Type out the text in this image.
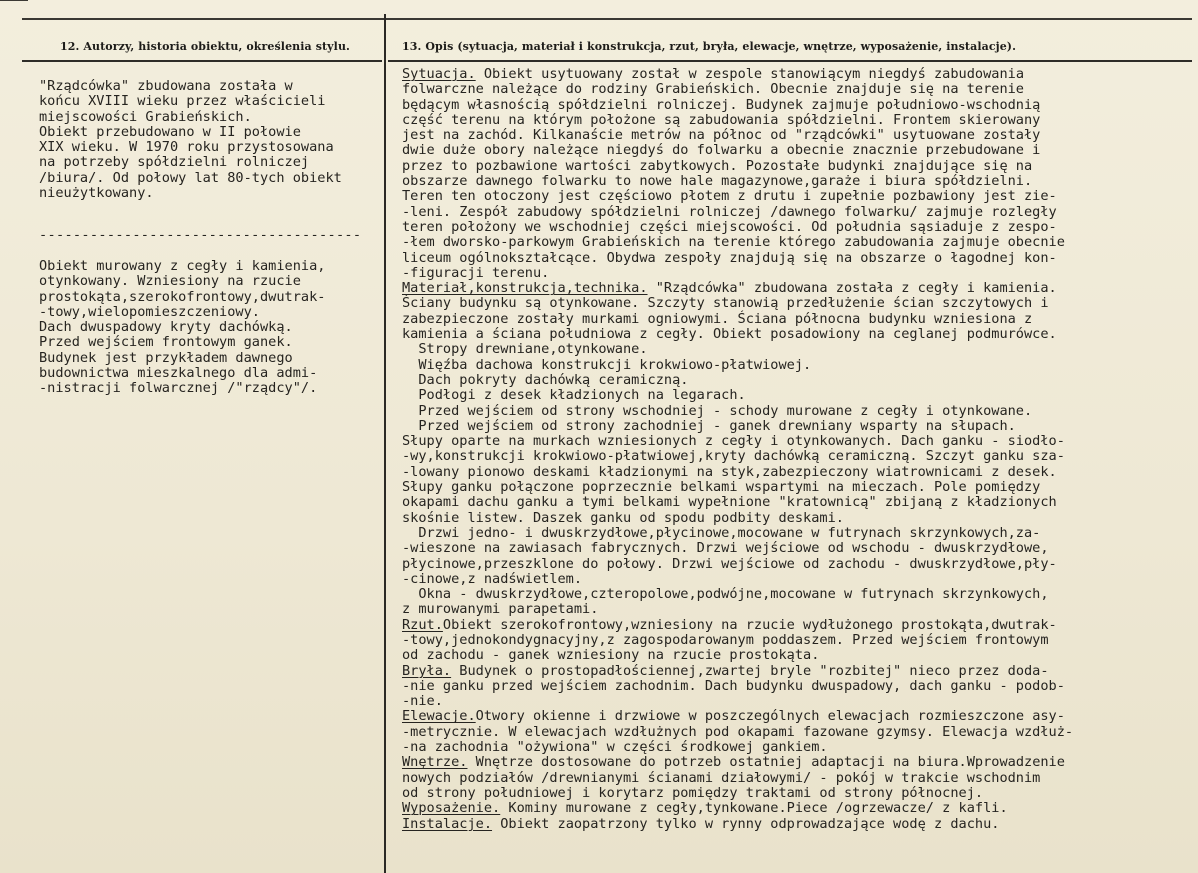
12. Autorzy, historia obiektu, określenia stylu.	13. Opis (sytuacja, materiał i konstrukcja, rzut, bryła, elewacje, wnętrze, wyposażenie, instalacje).
"Rządcówka" zbudowana została w
końcu XVIII wieku przez właścicieli
miejscowości Grabieńskich.
Obiekt przebudowano w II połowie
XIX wieku. W 1970 roku przystosowana
na potrzeby spółdzielni rolniczej
/biura/. Od połowy lat 80-tych obiekt
nieużytkowany.
--------------------------------------
Obiekt murowany z cegły i kamienia,
otynkowany. Wzniesiony na rzucie
prostokąta,szerokofrontowy,dwutrak-
-towy,wielopomieszczeniowy.
Dach dwuspadowy kryty dachówką.
Przed wejściem frontowym ganek.
Budynek jest przykładem dawnego
budownictwa mieszkalnego dla admi-
-nistracji folwarcznej /"rządcy"/.
Sytuacja. Obiekt usytuowany został w zespole stanowiącym niegdyś zabudowania
folwarczne należące do rodziny Grabieńskich. Obecnie znajduje się na terenie
będącym własnością spółdzielni rolniczej. Budynek zajmuje południowo-wschodnią
część terenu na którym położone są zabudowania spółdzielni. Frontem skierowany
jest na zachód. Kilkanaście metrów na północ od "rządcówki" usytuowane zostały
dwie duże obory należące niegdyś do folwarku a obecnie znacznie przebudowane i
przez to pozbawione wartości zabytkowych. Pozostałe budynki znajdujące się na
obszarze dawnego folwarku to nowe hale magazynowe,garaże i biura spółdzielni.
Teren ten otoczony jest częściowo płotem z drutu i zupełnie pozbawiony jest zie-
-leni. Zespół zabudowy spółdzielni rolniczej /dawnego folwarku/ zajmuje rozległy
teren położony we wschodniej części miejscowości. Od południa sąsiaduje z zespo-
-łem dworsko-parkowym Grabieńskich na terenie którego zabudowania zajmuje obecnie
liceum ogólnokształcące. Obydwa zespoły znajdują się na obszarze o łagodnej kon-
-figuracji terenu.
Materiał,konstrukcja,technika. "Rządcówka" zbudowana została z cegły i kamienia.
Ściany budynku są otynkowane. Szczyty stanowią przedłużenie ścian szczytowych i
zabezpieczone zostały murkami ogniowymi. Ściana północna budynku wzniesiona z
kamienia a ściana południowa z cegły. Obiekt posadowiony na ceglanej podmurówce.
Stropy drewniane,otynkowane.
Więźba dachowa konstrukcji krokwiowo-płatwiowej.
Dach pokryty dachówką ceramiczną.
Podłogi z desek kładzionych na legarach.
Przed wejściem od strony wschodniej - schody murowane z cegły i otynkowane.
Przed wejściem od strony zachodniej - ganek drewniany wsparty na słupach.
Słupy oparte na murkach wzniesionych z cegły i otynkowanych. Dach ganku - siodło-
-wy,konstrukcji krokwiowo-płatwiowej,kryty dachówką ceramiczną. Szczyt ganku sza-
-lowany pionowo deskami kładzionymi na styk,zabezpieczony wiatrownicami z desek.
Słupy ganku połączone poprzecznie belkami wspartymi na mieczach. Pole pomiędzy
okapami dachu ganku a tymi belkami wypełnione "kratownicą" zbijaną z kładzionych
skośnie listew. Daszek ganku od spodu podbity deskami.
Drzwi jedno- i dwuskrzydłowe,płycinowe,mocowane w futrynach skrzynkowych,za-
-wieszone na zawiasach fabrycznych. Drzwi wejściowe od wschodu - dwuskrzydłowe,
płycinowe,przeszklone do połowy. Drzwi wejściowe od zachodu - dwuskrzydłowe,pły-
-cinowe,z nadświetlem.
Okna - dwuskrzydłowe,czteropolowe,podwójne,mocowane w futrynach skrzynkowych,
z murowanymi parapetami.
Rzut.Obiekt szerokofrontowy,wzniesiony na rzucie wydłużonego prostokąta,dwutrak-
-towy,jednokondygnacyjny,z zagospodarowanym poddaszem. Przed wejściem frontowym
od zachodu - ganek wzniesiony na rzucie prostokąta.
Bryła. Budynek o prostopadłościennej,zwartej bryle "rozbitej" nieco przez doda-
-nie ganku przed wejściem zachodnim. Dach budynku dwuspadowy, dach ganku - podob-
-nie.
Elewacje.Otwory okienne i drzwiowe w poszczególnych elewacjach rozmieszczone asy-
-metrycznie. W elewacjach wzdłużnych pod okapami fazowane gzymsy. Elewacja wzdłuż-
-na zachodnia "ożywiona" w części środkowej gankiem.
Wnętrze. Wnętrze dostosowane do potrzeb ostatniej adaptacji na biura.Wprowadzenie
nowych podziałów /drewnianymi ścianami działowymi/ - pokój w trakcie wschodnim
od strony południowej i korytarz pomiędzy traktami od strony północnej.
Wyposażenie. Kominy murowane z cegły,tynkowane.Piece /ogrzewacze/ z kafli.
Instalacje. Obiekt zaopatrzony tylko w rynny odprowadzające wodę z dachu.
